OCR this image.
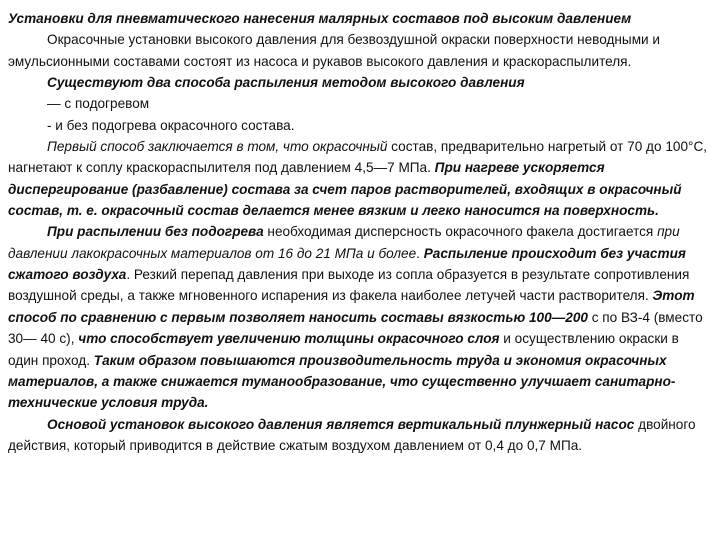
Установки для пневматического нанесения малярных составов под высоким давлением

Окрасочные установки высокого давления для безвоздушной окраски поверхности неводными и эмульсионными составами состоят из насоса и рукавов высокого давления и краскораспылителя.

Существуют два способа распыления методом высокого давления

— с подогревом

- и без подогрева окрасочного состава.

Первый способ заключается в том, что окрасочный состав, предварительно нагретый от 70 до 100°С, нагнетают к соплу краскораспылителя под давлением 4,5—7 МПа. При нагреве ускоряется диспергирование (разбавление) состава за счет паров растворителей, входящих в окрасочный состав, т. е. окрасочный состав делается менее вязким и легко наносится на поверхность.

При распылении без подогрева необходимая дисперсность окрасочного факела достигается при давлении лакокрасочных материалов от 16 до 21 МПа и более. Распыление происходит без участия сжатого воздуха. Резкий перепад давления при выходе из сопла образуется в результате сопротивления воздушной среды, а также мгновенного испарения из факела наиболее летучей части растворителя. Этот способ по сравнению с первым позволяет наносить составы вязкостью 100—200 с по ВЗ-4 (вместо 30— 40 с), что способствует увеличению толщины окрасочного слоя и осуществлению окраски в один проход. Таким образом повышаются производительность труда и экономия окрасочных материалов, а также снижается туманообразование, что существенно улучшает санитарно-технические условия труда.

Основой установок высокого давления является вертикальный плунжерный насос двойного действия, который приводится в действие сжатым воздухом давлением от 0,4 до 0,7 МПа.
